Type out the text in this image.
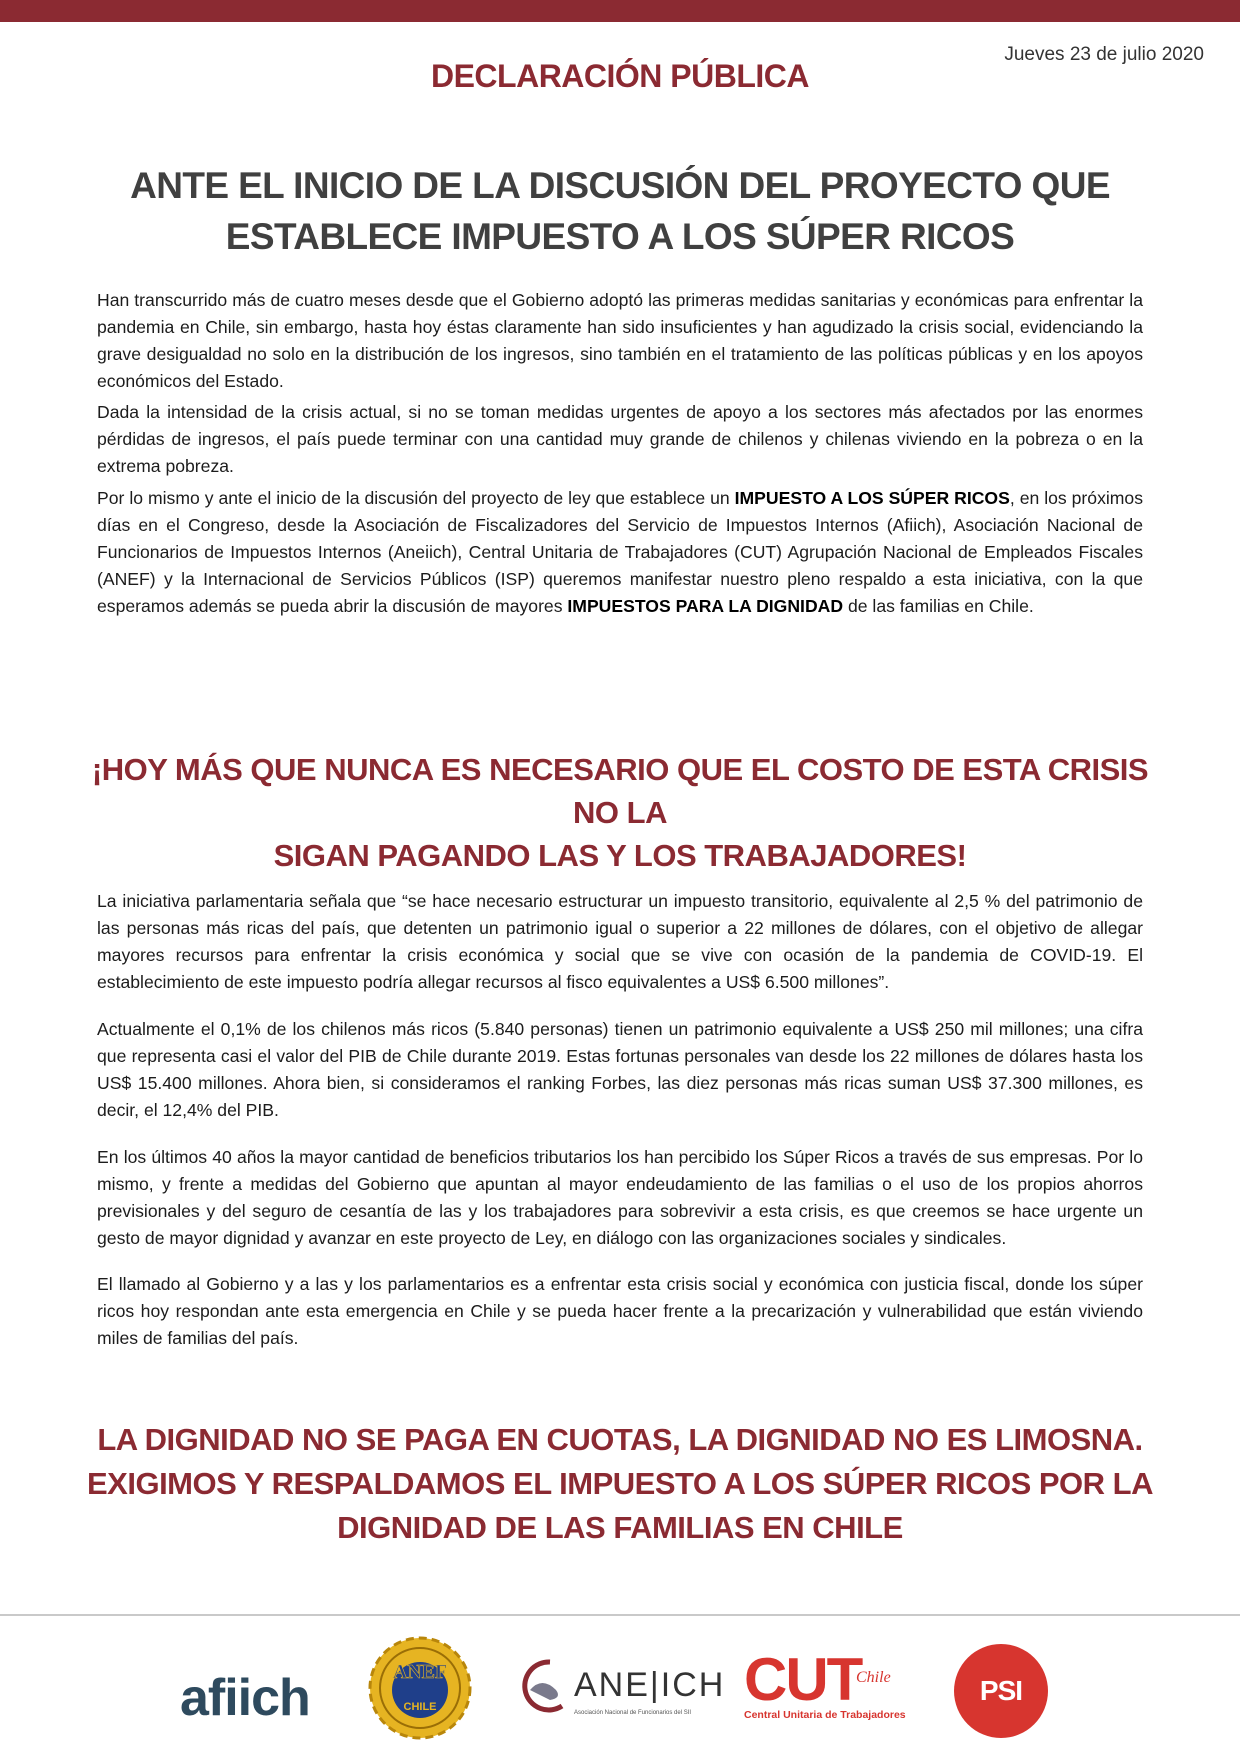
Jueves 23 de julio 2020
DECLARACIÓN PÚBLICA
ANTE EL INICIO DE LA DISCUSIÓN DEL PROYECTO QUE
ESTABLECE IMPUESTO A LOS SÚPER RICOS

Han transcurrido más de cuatro meses desde que el Gobierno adoptó las primeras medidas sanitarias y económicas para enfrentar la pandemia en Chile, sin embargo, hasta hoy éstas claramente han sido insuficientes y han agudizado la crisis social, evidenciando la grave desigualdad no solo en la distribución de los ingresos, sino también en el tratamiento de las políticas públicas y en los apoyos económicos del Estado.

Dada la intensidad de la crisis actual, si no se toman medidas urgentes de apoyo a los sectores más afectados por las enormes pérdidas de ingresos, el país puede terminar con una cantidad muy grande de chilenos y chilenas viviendo en la pobreza o en la extrema pobreza.

Por lo mismo y ante el inicio de la discusión del proyecto de ley que establece un IMPUESTO A LOS SÚPER RICOS, en los próximos días en el Congreso, desde la Asociación de Fiscalizadores del Servicio de Impuestos Internos (Afiich), Asociación Nacional de Funcionarios de Impuestos Internos (Aneiich), Central Unitaria de Trabajadores (CUT) Agrupación Nacional de Empleados Fiscales (ANEF) y la Internacional de Servicios Públicos (ISP) queremos manifestar nuestro pleno respaldo a esta iniciativa, con la que esperamos además se pueda abrir la discusión de mayores IMPUESTOS PARA LA DIGNIDAD de las familias en Chile.

¡HOY MÁS QUE NUNCA ES NECESARIO QUE EL COSTO DE ESTA CRISIS NO LA
SIGAN PAGANDO LAS Y LOS TRABAJADORES!

La iniciativa parlamentaria señala que “se hace necesario estructurar un impuesto transitorio, equivalente al 2,5 % del patrimonio de las personas más ricas del país, que detenten un patrimonio igual o superior a 22 millones de dólares, con el objetivo de allegar mayores recursos para enfrentar la crisis económica y social que se vive con ocasión de la pandemia de COVID-19. El establecimiento de este impuesto podría allegar recursos al fisco equivalentes a US$ 6.500 millones”.

Actualmente el 0,1% de los chilenos más ricos (5.840 personas) tienen un patrimonio equivalente a US$ 250 mil millones; una cifra que representa casi el valor del PIB de Chile durante 2019. Estas fortunas personales van desde los 22 millones de dólares hasta los US$ 15.400 millones. Ahora bien, si consideramos el ranking Forbes, las diez personas más ricas suman US$ 37.300 millones, es decir, el 12,4% del PIB.

En los últimos 40 años la mayor cantidad de beneficios tributarios los han percibido los Súper Ricos a través de sus empresas. Por lo mismo, y frente a medidas del Gobierno que apuntan al mayor endeudamiento de las familias o el uso de los propios ahorros previsionales y del seguro de cesantía de las y los trabajadores para sobrevivir a esta crisis, es que creemos se hace urgente un gesto de mayor dignidad y avanzar en este proyecto de Ley, en diálogo con las organizaciones sociales y sindicales.

El llamado al Gobierno y a las y los parlamentarios es a enfrentar esta crisis social y económica con justicia fiscal, donde los súper ricos hoy respondan ante esta emergencia en Chile y se pueda hacer frente a la precarización y vulnerabilidad que están viviendo miles de familias del país.

LA DIGNIDAD NO SE PAGA EN CUOTAS, LA DIGNIDAD NO ES LIMOSNA.
EXIGIMOS Y RESPALDAMOS EL IMPUESTO A LOS SÚPER RICOS POR LA
DIGNIDAD DE LAS FAMILIAS EN CHILE
afiich	ANEF
CHILE
ANE|ICH
Asociación Nacional de Funcionarios del SII CUT
Chile
Central Unitaria de Trabajadores
PSI
